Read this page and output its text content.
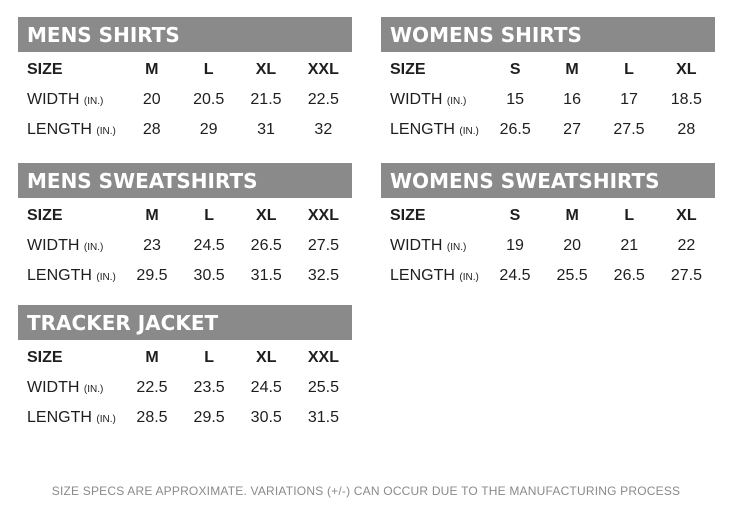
MENS SHIRTS
SIZE	M	L	XL	XXL
WIDTH (IN.)	20	20.5	21.5	22.5
LENGTH (IN.)	28	29	31	32
WOMENS SHIRTS
SIZE	S	M	L	XL
WIDTH (IN.)	15	16	17	18.5
LENGTH (IN.)	26.5	27	27.5	28
MENS SWEATSHIRTS
SIZE	M	L	XL	XXL
WIDTH (IN.)	23	24.5	26.5	27.5
LENGTH (IN.)	29.5	30.5	31.5	32.5
WOMENS SWEATSHIRTS
SIZE	S	M	L	XL
WIDTH (IN.)	19	20	21	22
LENGTH (IN.)	24.5	25.5	26.5	27.5
TRACKER JACKET
SIZE	M	L	XL	XXL
WIDTH (IN.)	22.5	23.5	24.5	25.5
LENGTH (IN.)	28.5	29.5	30.5	31.5
SIZE SPECS ARE APPROXIMATE. VARIATIONS (+/-) CAN OCCUR DUE TO THE MANUFACTURING PROCESS
